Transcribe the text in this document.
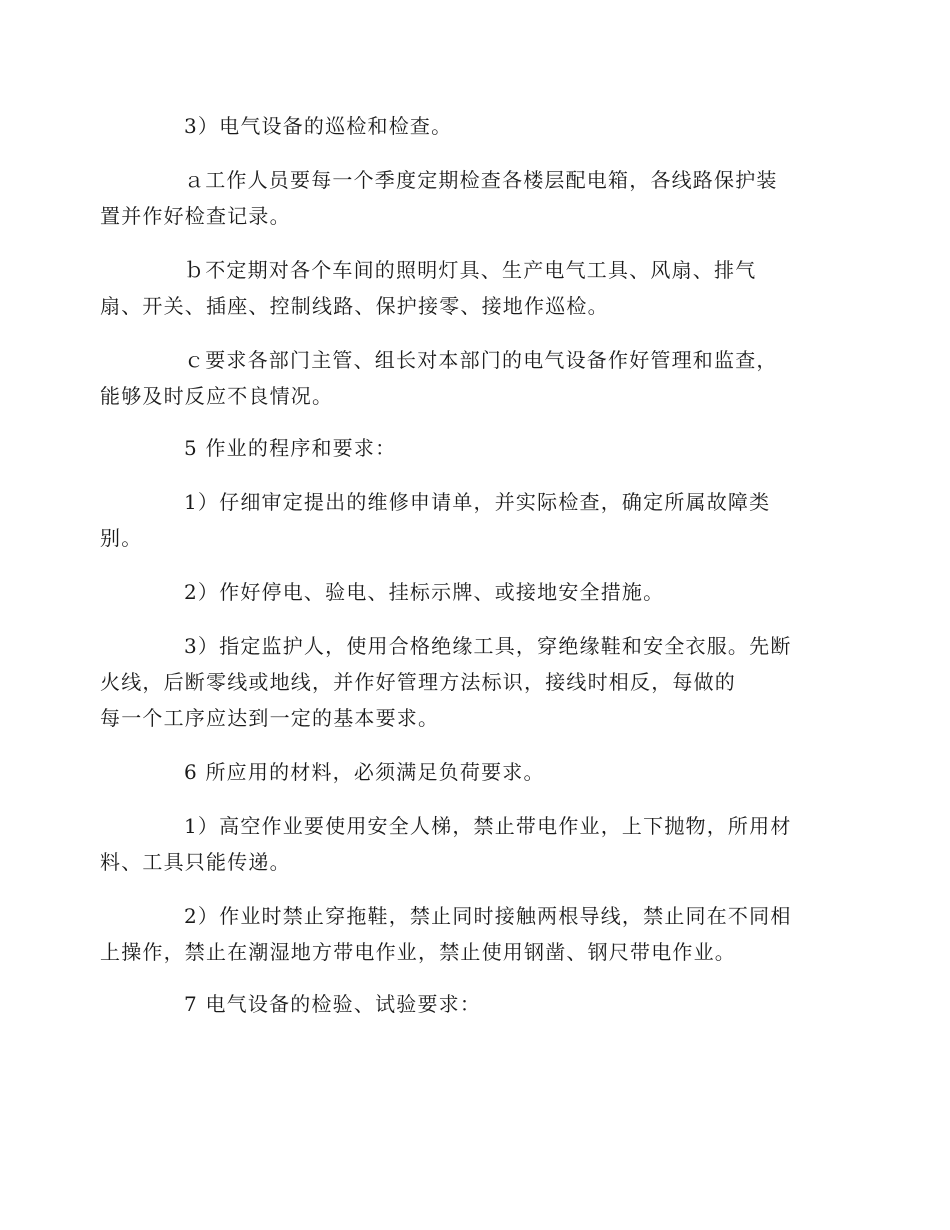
3）电气设备的巡检和检查。

ａ工作人员要每一个季度定期检查各楼层配电箱，各线路保护装
置并作好检查记录。

ｂ不定期对各个车间的照明灯具、生产电气工具、风扇、排气
扇、开关、插座、控制线路、保护接零、接地作巡检。

ｃ要求各部门主管、组长对本部门的电气设备作好管理和监查，
能够及时反应不良情况。

5 作业的程序和要求：

1）仔细审定提出的维修申请单，并实际检查，确定所属故障类
别。

2）作好停电、验电、挂标示牌、或接地安全措施。

3）指定监护人，使用合格绝缘工具，穿绝缘鞋和安全衣服。先断
火线，后断零线或地线，并作好管理方法标识，接线时相反，每做的
每一个工序应达到一定的基本要求。

6 所应用的材料，必须满足负荷要求。

1）高空作业要使用安全人梯，禁止带电作业，上下抛物，所用材
料、工具只能传递。

2）作业时禁止穿拖鞋，禁止同时接触两根导线，禁止同在不同相
上操作，禁止在潮湿地方带电作业，禁止使用钢凿、钢尺带电作业。

7 电气设备的检验、试验要求：
